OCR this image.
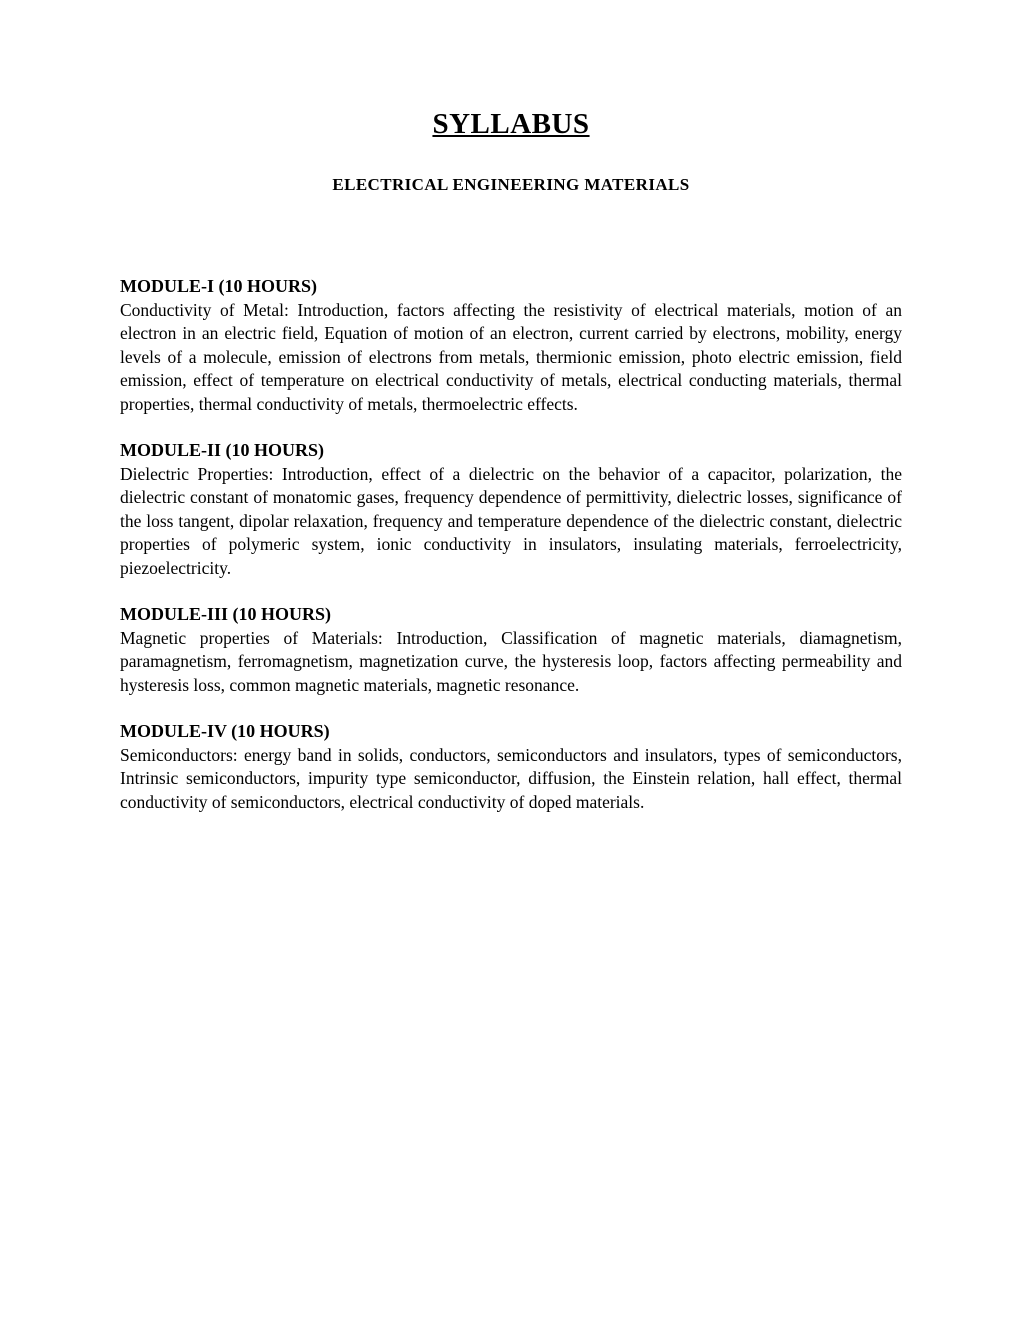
SYLLABUS
ELECTRICAL ENGINEERING MATERIALS
MODULE-I (10 HOURS)

Conductivity of Metal: Introduction, factors affecting the resistivity of electrical materials, motion of an electron in an electric field, Equation of motion of an electron, current carried by electrons, mobility, energy levels of a molecule, emission of electrons from metals, thermionic emission, photo electric emission, field emission, effect of temperature on electrical conductivity of metals, electrical conducting materials, thermal properties, thermal conductivity of metals, thermoelectric effects.

MODULE-II (10 HOURS)

Dielectric Properties: Introduction, effect of a dielectric on the behavior of a capacitor, polarization, the dielectric constant of monatomic gases, frequency dependence of permittivity, dielectric losses, significance of the loss tangent, dipolar relaxation, frequency and temperature dependence of the dielectric constant, dielectric properties of polymeric system, ionic conductivity in insulators, insulating materials, ferroelectricity, piezoelectricity.

MODULE-III (10 HOURS)

Magnetic properties of Materials: Introduction, Classification of magnetic materials, diamagnetism, paramagnetism, ferromagnetism, magnetization curve, the hysteresis loop, factors affecting permeability and hysteresis loss, common magnetic materials, magnetic resonance.

MODULE-IV (10 HOURS)

Semiconductors: energy band in solids, conductors, semiconductors and insulators, types of semiconductors, Intrinsic semiconductors, impurity type semiconductor, diffusion, the Einstein relation, hall effect, thermal conductivity of semiconductors, electrical conductivity of doped materials.
